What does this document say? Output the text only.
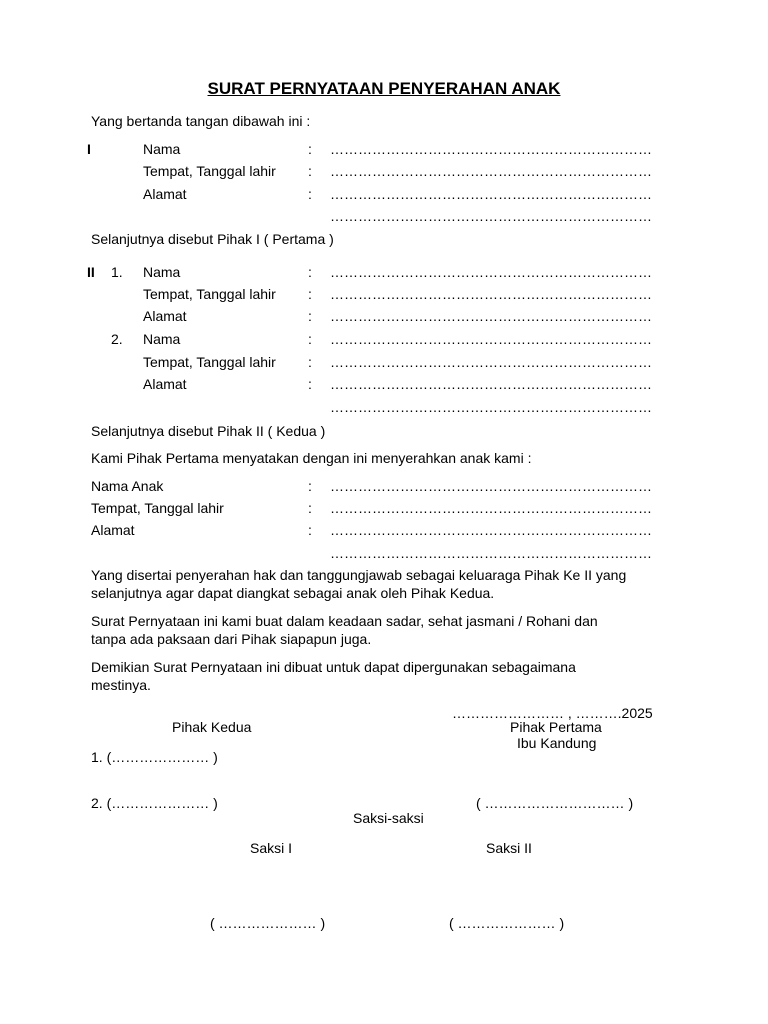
SURAT PERNYATAAN PENYERAHAN ANAK
Yang bertanda tangan dibawah ini :
I	Nama	: ……………………………………………………………
Tempat, Tanggal lahir : ……………………………………………………………
Alamat	: ……………………………………………………………
……………………………………………………………
Selanjutnya disebut Pihak I ( Pertama )
II 1. Nama	: ……………………………………………………………
Tempat, Tanggal lahir : ……………………………………………………………
Alamat	: ……………………………………………………………
2. Nama	: ……………………………………………………………
Tempat, Tanggal lahir : ……………………………………………………………
Alamat	: ……………………………………………………………
……………………………………………………………
Selanjutnya disebut Pihak II ( Kedua )
Kami Pihak Pertama menyatakan dengan ini menyerahkan anak kami :
Nama Anak	: ……………………………………………………………
Tempat, Tanggal lahir	: ……………………………………………………………
Alamat	: ……………………………………………………………
……………………………………………………………
Yang disertai penyerahan hak dan tanggungjawab sebagai keluaraga Pihak Ke II yang
selanjutnya agar dapat diangkat sebagai anak oleh Pihak Kedua.
Surat Pernyataan ini kami buat dalam keadaan sadar, sehat jasmani / Rohani dan
tanpa ada paksaan dari Pihak siapapun juga.
Demikian Surat Pernyataan ini dibuat untuk dapat dipergunakan sebagaimana
mestinya.
…………………… , ……….2025
Pihak Kedua	Pihak Pertama
Ibu Kandung
1. (………………… )
2. (………………… )	( ………………………… )
Saksi-saksi
Saksi I	Saksi II
( ………………… )	( ………………… )
